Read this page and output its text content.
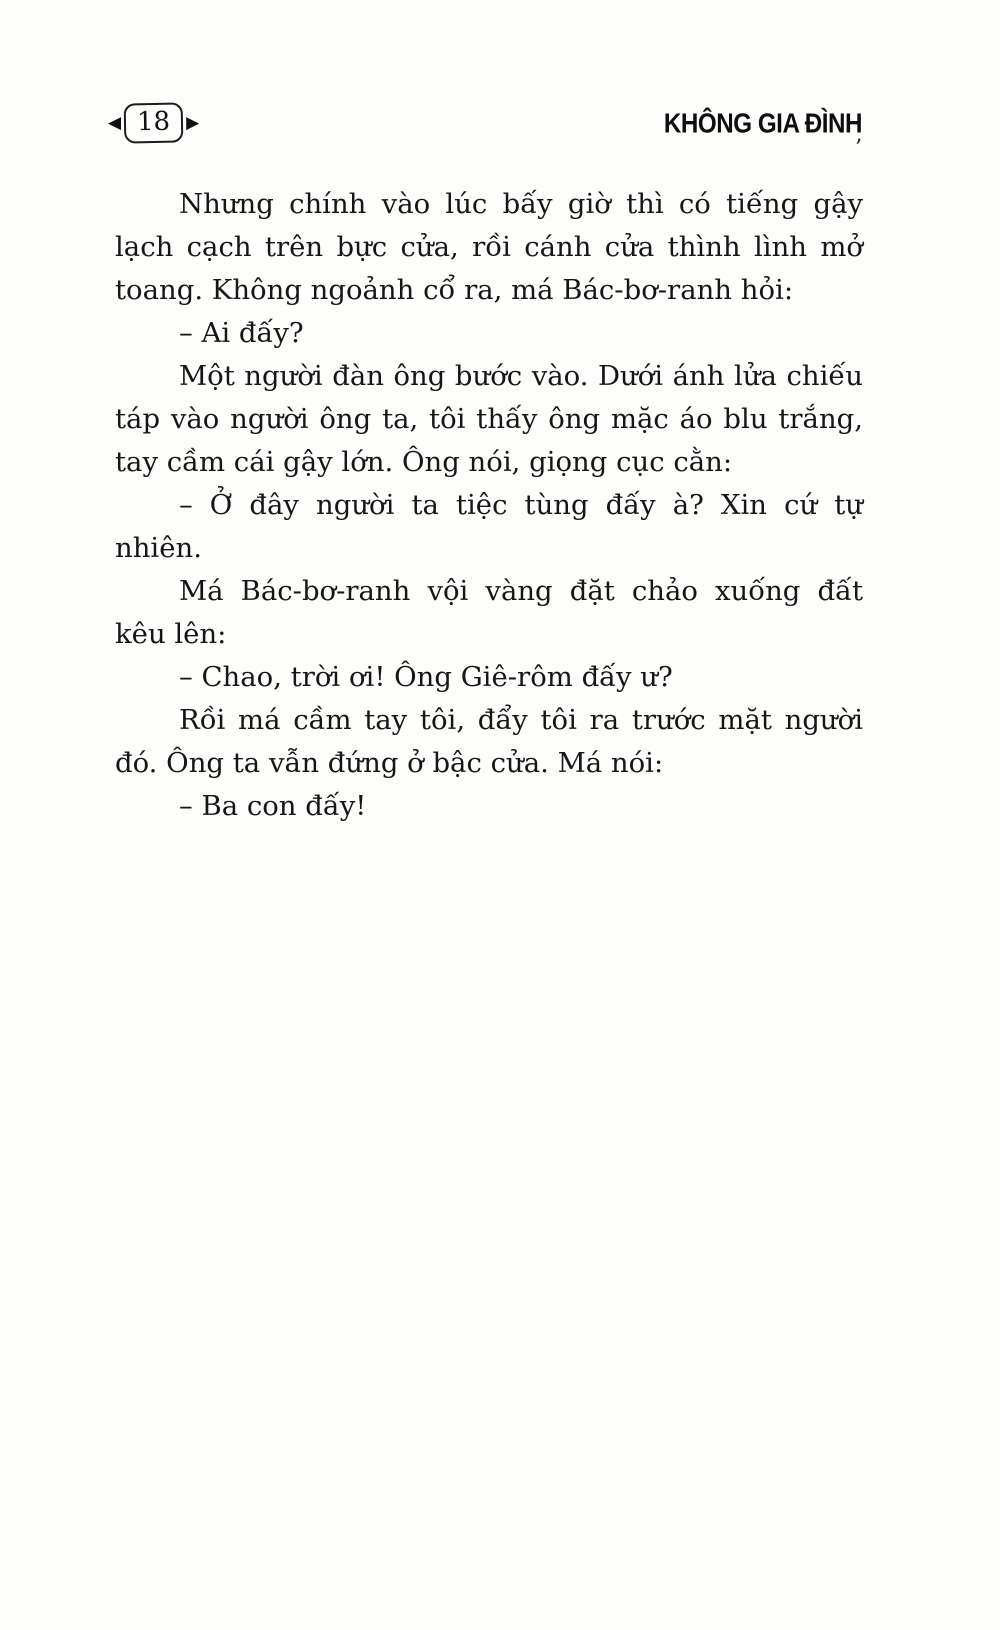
◀ 18 ▶	KHÔNG GIA ĐÌNH
’

Nhưng chính vào lúc bấy giờ thì có tiếng gậy lạch cạch trên bực cửa, rồi cánh cửa thình lình mở toang. Không ngoảnh cổ ra, má Bác-bơ-ranh hỏi:

– Ai đấy?

Một người đàn ông bước vào. Dưới ánh lửa chiếu táp vào người ông ta, tôi thấy ông mặc áo blu trắng, tay cầm cái gậy lớn. Ông nói, giọng cục cằn:

– Ở đây người ta tiệc tùng đấy à? Xin cứ tự nhiên.

Má Bác-bơ-ranh vội vàng đặt chảo xuống đất kêu lên:

– Chao, trời ơi! Ông Giê-rôm đấy ư?

Rồi má cầm tay tôi, đẩy tôi ra trước mặt người đó. Ông ta vẫn đứng ở bậc cửa. Má nói:

– Ba con đấy!
